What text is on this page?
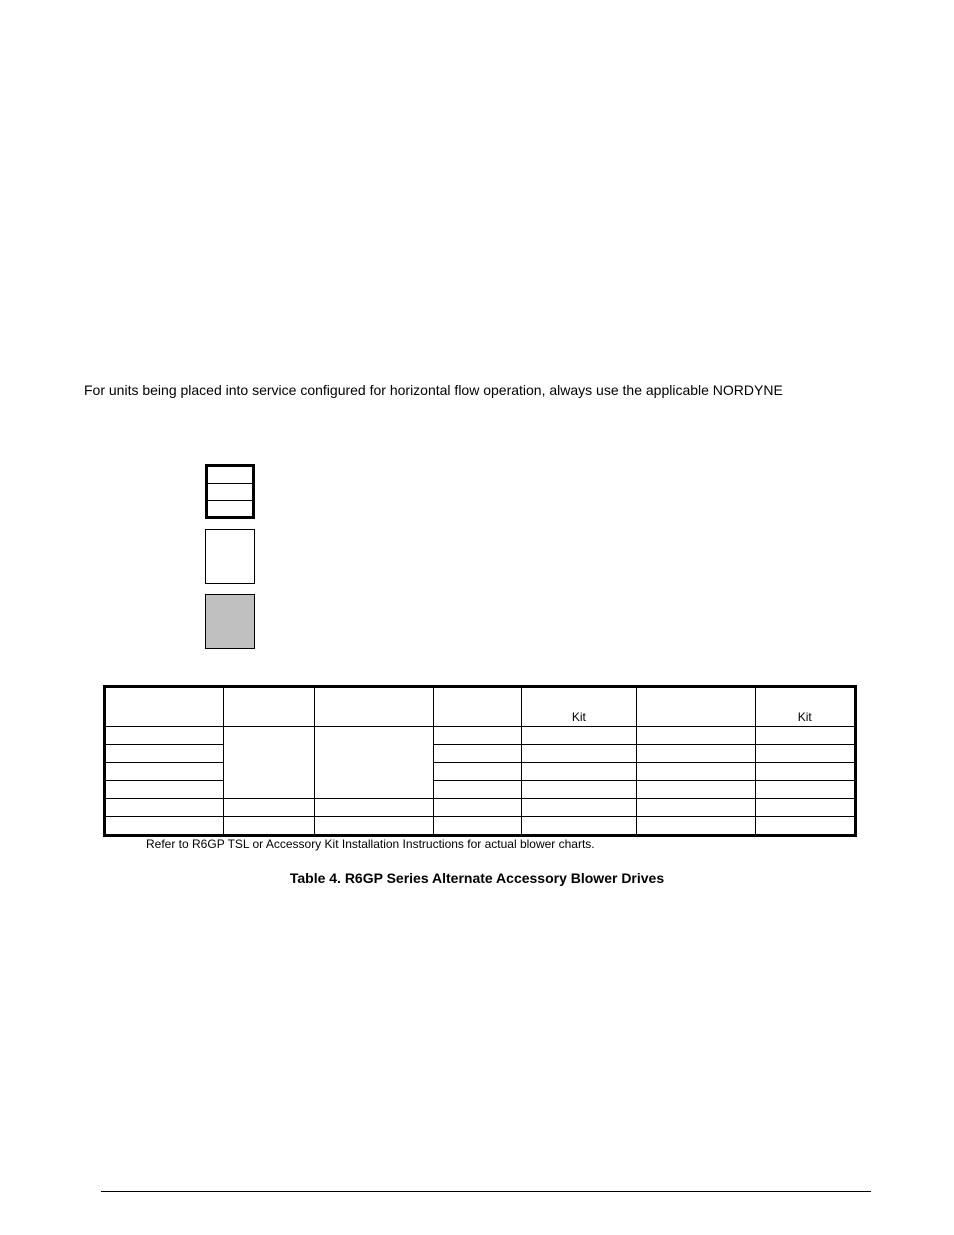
For units being placed into service configured for horizontal flow operation, always use the applicable NORDYNE
				Kit		Kit

Refer to R6GP TSL or Accessory Kit Installation Instructions for actual blower charts.
Table 4. R6GP Series Alternate Accessory Blower Drives
